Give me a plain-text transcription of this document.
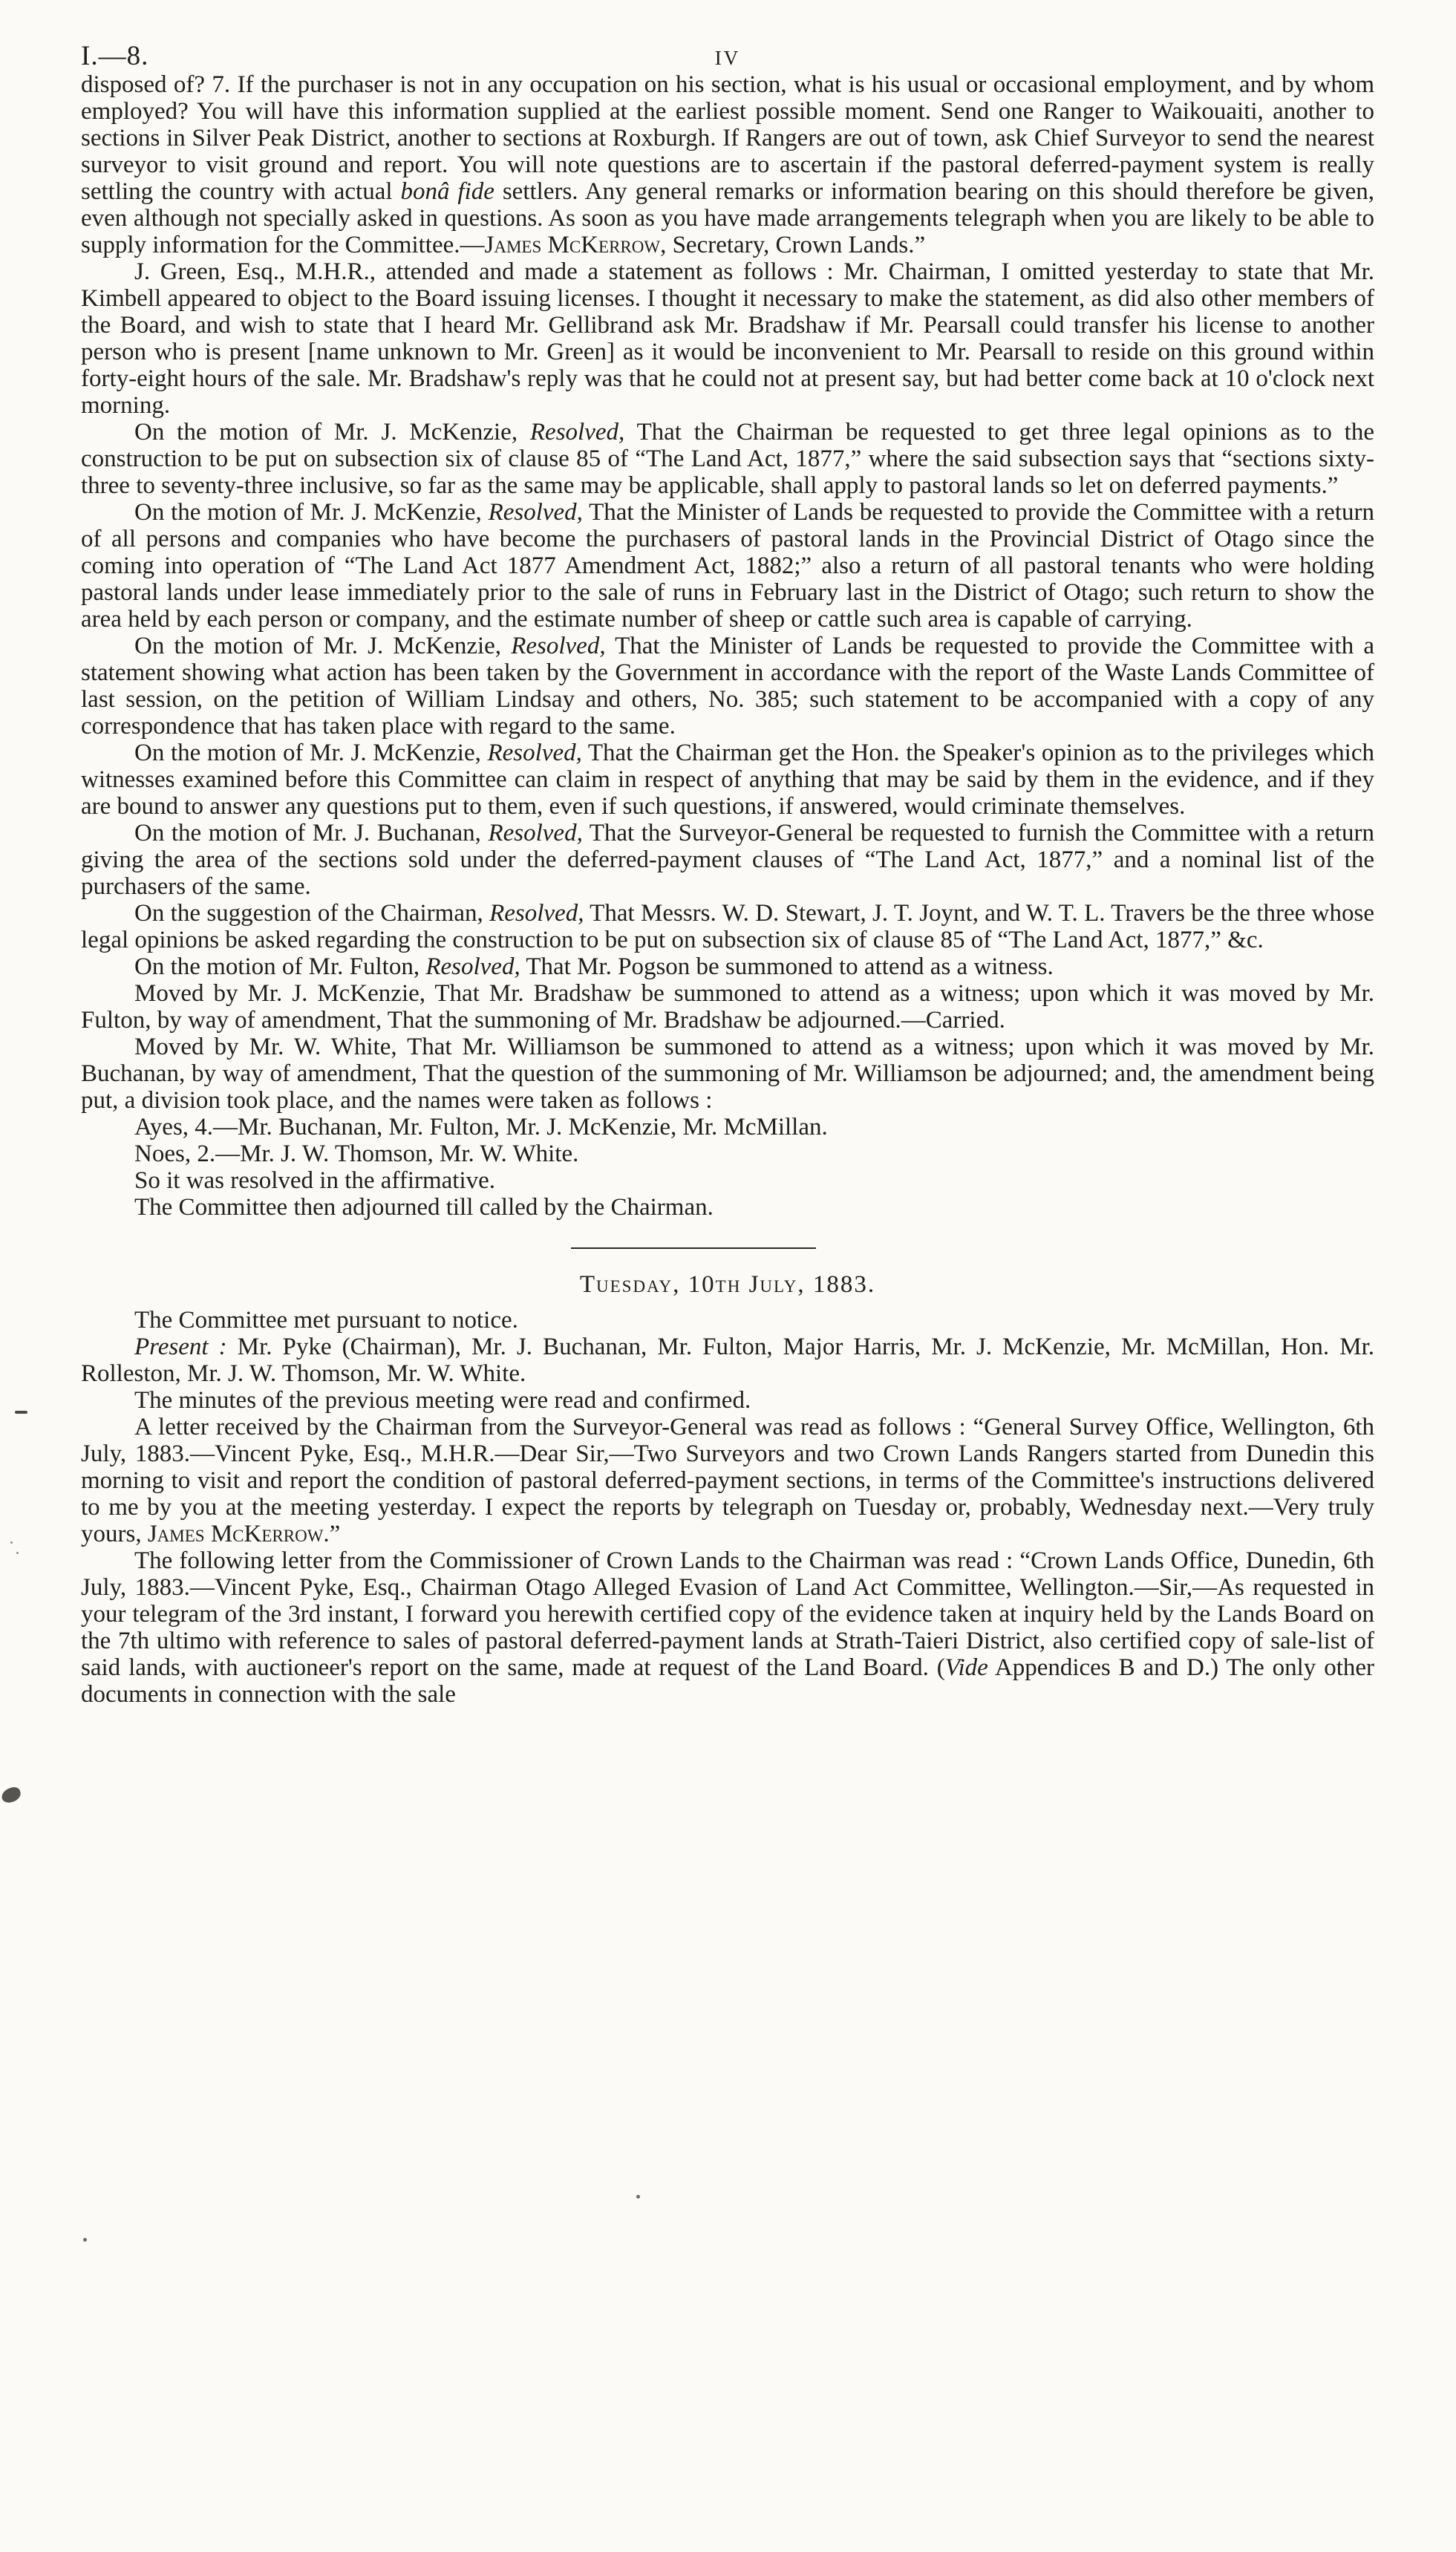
I.—8.	IV

disposed of? 7. If the purchaser is not in any occupation on his section, what is his usual or occasional employment, and by whom employed? You will have this information supplied at the earliest possible moment. Send one Ranger to Waikouaiti, another to sections in Silver Peak District, another to sections at Roxburgh. If Rangers are out of town, ask Chief Surveyor to send the nearest surveyor to visit ground and report. You will note questions are to ascertain if the pastoral deferred-payment system is really settling the country with actual bonâ fide settlers. Any general remarks or information bearing on this should therefore be given, even although not specially asked in questions. As soon as you have made arrangements telegraph when you are likely to be able to supply information for the Committee.—James McKerrow, Secretary, Crown Lands.”

J. Green, Esq., M.H.R., attended and made a statement as follows : Mr. Chairman, I omitted yesterday to state that Mr. Kimbell appeared to object to the Board issuing licenses. I thought it necessary to make the statement, as did also other members of the Board, and wish to state that I heard Mr. Gellibrand ask Mr. Bradshaw if Mr. Pearsall could transfer his license to another person who is present [name unknown to Mr. Green] as it would be inconvenient to Mr. Pearsall to reside on this ground within forty-eight hours of the sale. Mr. Bradshaw's reply was that he could not at present say, but had better come back at 10 o'clock next morning.

On the motion of Mr. J. McKenzie, Resolved, That the Chairman be requested to get three legal opinions as to the construction to be put on subsection six of clause 85 of “The Land Act, 1877,” where the said subsection says that “sections sixty-three to seventy-three inclusive, so far as the same may be applicable, shall apply to pastoral lands so let on deferred payments.”

On the motion of Mr. J. McKenzie, Resolved, That the Minister of Lands be requested to provide the Committee with a return of all persons and companies who have become the purchasers of pastoral lands in the Provincial District of Otago since the coming into operation of “The Land Act 1877 Amendment Act, 1882;” also a return of all pastoral tenants who were holding pastoral lands under lease immediately prior to the sale of runs in February last in the District of Otago; such return to show the area held by each person or company, and the estimate number of sheep or cattle such area is capable of carrying.

On the motion of Mr. J. McKenzie, Resolved, That the Minister of Lands be requested to provide the Committee with a statement showing what action has been taken by the Government in accordance with the report of the Waste Lands Committee of last session, on the petition of William Lindsay and others, No. 385; such statement to be accompanied with a copy of any correspondence that has taken place with regard to the same.

On the motion of Mr. J. McKenzie, Resolved, That the Chairman get the Hon. the Speaker's opinion as to the privileges which witnesses examined before this Committee can claim in respect of anything that may be said by them in the evidence, and if they are bound to answer any questions put to them, even if such questions, if answered, would criminate themselves.

On the motion of Mr. J. Buchanan, Resolved, That the Surveyor-General be requested to furnish the Committee with a return giving the area of the sections sold under the deferred-payment clauses of “The Land Act, 1877,” and a nominal list of the purchasers of the same.

On the suggestion of the Chairman, Resolved, That Messrs. W. D. Stewart, J. T. Joynt, and W. T. L. Travers be the three whose legal opinions be asked regarding the construction to be put on subsection six of clause 85 of “The Land Act, 1877,” &c.

On the motion of Mr. Fulton, Resolved, That Mr. Pogson be summoned to attend as a witness.

Moved by Mr. J. McKenzie, That Mr. Bradshaw be summoned to attend as a witness; upon which it was moved by Mr. Fulton, by way of amendment, That the summoning of Mr. Bradshaw be adjourned.—Carried.

Moved by Mr. W. White, That Mr. Williamson be summoned to attend as a witness; upon which it was moved by Mr. Buchanan, by way of amendment, That the question of the summoning of Mr. Williamson be adjourned; and, the amendment being put, a division took place, and the names were taken as follows :

Ayes, 4.—Mr. Buchanan, Mr. Fulton, Mr. J. McKenzie, Mr. McMillan.

Noes, 2.—Mr. J. W. Thomson, Mr. W. White.

So it was resolved in the affirmative.

The Committee then adjourned till called by the Chairman.

Tuesday, 10th July, 1883.

The Committee met pursuant to notice.

Present : Mr. Pyke (Chairman), Mr. J. Buchanan, Mr. Fulton, Major Harris, Mr. J. McKenzie, Mr. McMillan, Hon. Mr. Rolleston, Mr. J. W. Thomson, Mr. W. White.

The minutes of the previous meeting were read and confirmed.

A letter received by the Chairman from the Surveyor-General was read as follows : “General Survey Office, Wellington, 6th July, 1883.—Vincent Pyke, Esq., M.H.R.—Dear Sir,—Two Surveyors and two Crown Lands Rangers started from Dunedin this morning to visit and report the condition of pastoral deferred-payment sections, in terms of the Committee's instructions delivered to me by you at the meeting yesterday. I expect the reports by telegraph on Tuesday or, probably, Wednesday next.—Very truly yours, James McKerrow.”

The following letter from the Commissioner of Crown Lands to the Chairman was read : “Crown Lands Office, Dunedin, 6th July, 1883.—Vincent Pyke, Esq., Chairman Otago Alleged Evasion of Land Act Committee, Wellington.—Sir,—As requested in your telegram of the 3rd instant, I forward you herewith certified copy of the evidence taken at inquiry held by the Lands Board on the 7th ultimo with reference to sales of pastoral deferred-payment lands at Strath-Taieri District, also certified copy of sale-list of said lands, with auctioneer's report on the same, made at request of the Land Board. (Vide Appendices B and D.) The only other documents in connection with the sale
